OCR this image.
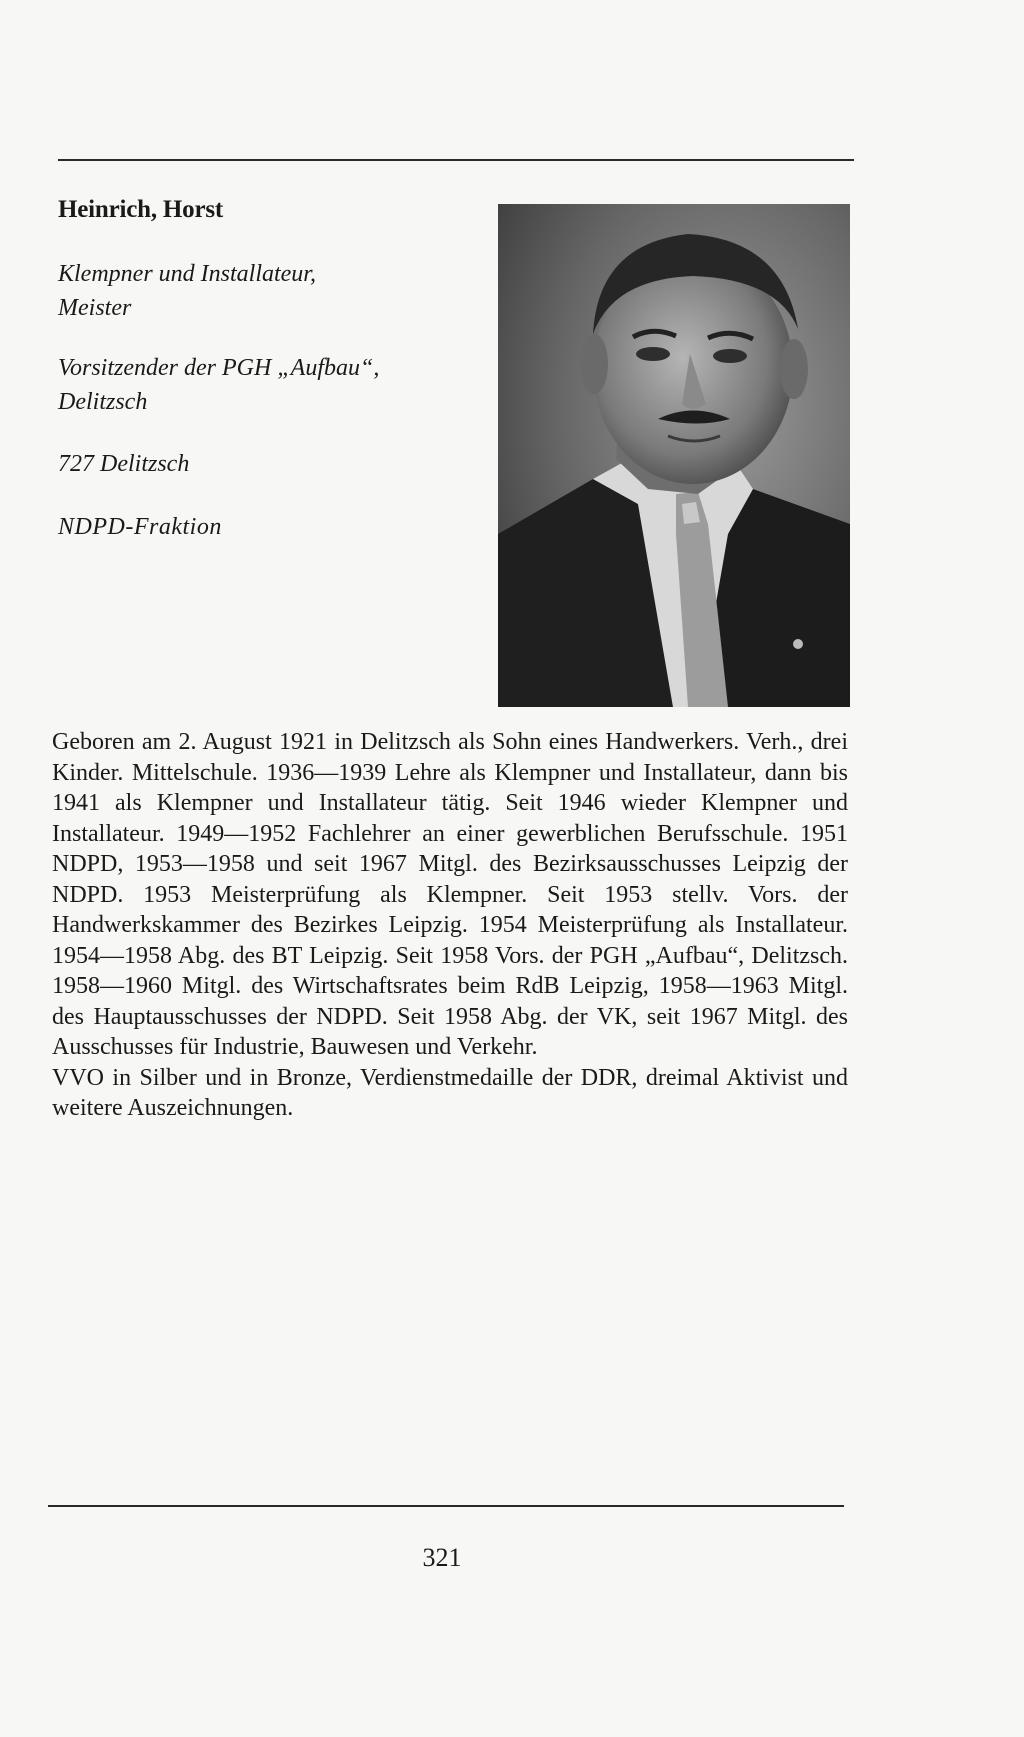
Heinrich, Horst
Klempner und Installateur,
Meister
Vorsitzender der PGH „Aufbau“,
Delitzsch
727 Delitzsch
NDPD-Fraktion

Geboren am 2. August 1921 in Delitzsch als Sohn eines Handwerkers. Verh., drei Kinder. Mittelschule. 1936—1939 Lehre als Klempner und Installateur, dann bis 1941 als Klempner und Installateur tätig. Seit 1946 wieder Klempner und Installateur. 1949—1952 Fachlehrer an einer gewerblichen Berufsschule. 1951 NDPD, 1953—1958 und seit 1967 Mitgl. des Bezirksausschusses Leipzig der NDPD. 1953 Meisterprüfung als Klempner. Seit 1953 stellv. Vors. der Handwerkskammer des Bezirkes Leipzig. 1954 Meisterprüfung als Installateur. 1954—1958 Abg. des BT Leipzig. Seit 1958 Vors. der PGH „Aufbau“, Delitzsch. 1958—1960 Mitgl. des Wirtschaftsrates beim RdB Leipzig, 1958—1963 Mitgl. des Hauptausschusses der NDPD. Seit 1958 Abg. der VK, seit 1967 Mitgl. des Ausschusses für Industrie, Bauwesen und Verkehr.

VVO in Silber und in Bronze, Verdienstmedaille der DDR, dreimal Aktivist und weitere Auszeichnungen.

321
